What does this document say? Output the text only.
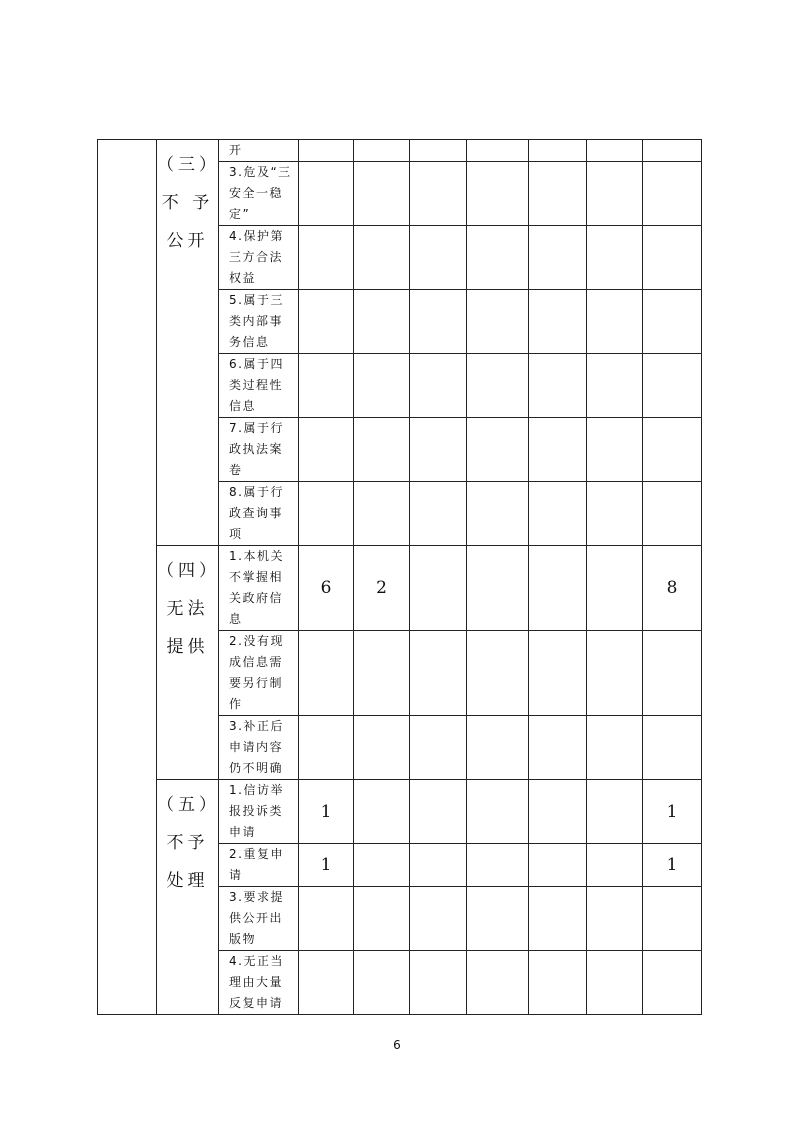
	（三）
不 予
公开	开							
		3.危及“三安全一稳定”							
		4.保护第三方合法权益							
		5.属于三类内部事务信息							
		6.属于四类过程性信息							
		7.属于行政执法案卷							
		8.属于行政查询事项							

	（四）
无法
提供	1.本机关不掌握相关政府信息	6	2					8
		2.没有现成信息需要另行制作							
		3.补正后申请内容仍不明确							

	（五）
不予
处理	1.信访举报投诉类申请	1						1
		2.重复申请	1						1
		3.要求提供公开出版物							
		4.无正当理由大量反复申请							
6
